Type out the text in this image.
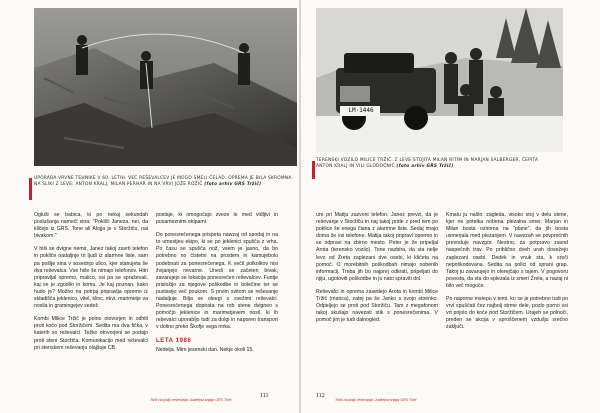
UPORABA VRVNE TEHNIKE V 60. LETIH. VEČ REŠEVALCEV JE MOGO SMELI ČELAD. OPREMA JE BILA SKROMNA. NA SLIKI Z LEVE: ANTON KRALJ, MILAN PERHAR IN NA VRVI JOŽE ROŽIČ (foto arhiv GRS Tržič)

Ogluši se babica, ki po nekaj sekundah poslušanja nameči sina: "Pokliči Janeza, nei, da kličejo iz GRS. Tone ali Alojja je v Storžiču, nai bivakom."

V hiši se dvigne nemir, Janez takoj zavrti telefon in pokliče nadaljnje tri ljudi iz alarmne liste, sam pa pošlje sina v sosednjo ulico, kjer stanujeta še dva reševalca. Vse hiše še nimajo telefonov. Hitri pripravljal opremo, malico, vsi pa se spraševali, kaj se je zgodilo in komu. Je kaj poznan, kako hudo je? Možno na potrjaj pripravlja opremo iz skladišča jeklenico, vitel, klinc, ekvi, marimetje va nosila in gramingejev sedež.

Kombi Milice Tržič je polno otovorjen in odhiti proti kočo pod Storžičem. Sedita mu dva fička, v katerih so reševalci. Težko otovorjeni se podajo proti steni Storžiča. Komunikacijo med reševalci pri stenskem reševanju olajšuje CB

postaje, ki omogočajo zveze le med vidljivi in posameznimi ekipami.

Do ponesrečenega prispeta nawzaj od spodaj in na to umestjeu ekipo, ki se po jeklenici spušča z vrha. Po času se spušča nož, vsem je jasno, da bo potrebno no čistetni na prostem in kamujebolo podebnati za ponesrečenega. K večil polkolkov nisi žvijanjejo nevarne. Unedi se začeten bivak, zavarujejo se lokacija ponesrečen reševalcev. Funtje prisložijo za njegove poškodbe in bolečine ter se pustavijo več poukom. S prvim svitom se reševanje nadaljuje. Bilja se oleegi s svežimi reševalci. Ponesrečenega dopirata na rob stene dvigneo s pomočjo jeklenice in marimetjevem nosil, ki ih reševalci uporabljo tudi za dolgi in naporen transport v dolino preko Škofje vega mrka.

LETA 1986

Nedelja. Mirn jesenski dan. Nekje okoli 15.

Tržič na polju reševanja: Jubilejna knjiga GRS Tržič
111
LM·1446
TERENSKI VOZILO MILICE TRŽIČ. Z LEVE STOJITA MILAN RITIM IN MARJAN SALBERGER, ČEPITA ANTON KRALJ IN VILI GLODOČNIĆ (foto arhiv GRS Tržič)

ure pri Matiju zazvoni telefon. Janez prevzi, da je reševanje v Storžiču in naj takoj pride z pred tem po poklice še enega člana z alarmne liste. Sedaj imajo doma že vsi telefone. Matija takoj pripravi opremo in se odpravi na zbirno mesto. Peter je že pripeljal Arota (terensko vozilo). Tone nazbira, da sta nelje levo od Žreta zaplezani dve osebi, ki kličeta na pomoč. O morebitnih poškodbah nimajo nobenih informacij. Treba jih bo najprej odkrati, pripeljati do njiju, ugotoviti poškodbe in ju nato spraviti dol.

Reševalci in oprema zasedejo Arota in kombi Milice Tržič (marica), zatej pa še Janko s svojo stoenko. Odpeljejo se proti pod Storžiču. Tam z megafonom takoj skušajo navezati stik s ponesrečenima. V pomoč jim je tudi dalnogled.

Kmalu ju našlo: zagleda, visoko stoj v delu stene, kjer ne potelka nobena plezalna smer. Marjan in Milan bosta oziroma na "plane", da jih bosta usmerjala med plezanjem. V navezah se povprečnih prevoduje navzgor. Nestno, za potpravo zavod naspečnih trav. Po priblično dveh urah dosežejo zaplezani osebi. Dedek in vnuk sta, k sreči nepoškodovana. Sedita na polici od sprani grap. Takoj ju zavarujejo in olerejčajo s tajem. V pogovoru povesta, da sta do splezala iz smeri Žrela, a nazaj ni bilo več mogoče.

Po naporne mstepu v temi, ko se je potrebno tudi po vrvi spuščati čez najbolj strme dele, pozlo porno vsi vrt prijolo do koče pod Storžičem. Urajeh se polnoči, preden se akcija v sproščenem vzdušju srečno zaključi.

112
Tržič na polju reševanja: Jubilejna knjiga GRS Tržič
